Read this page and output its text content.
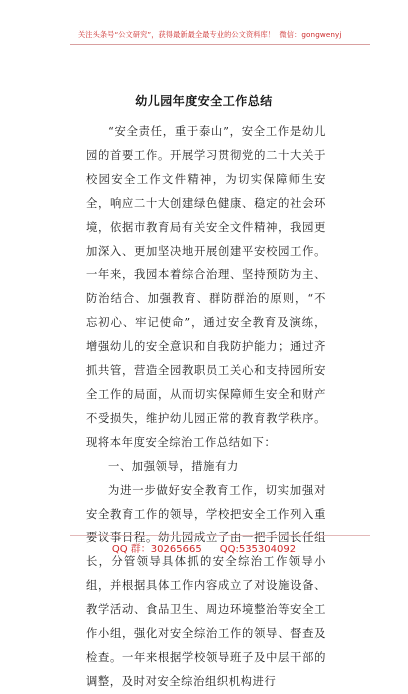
关注头条号“公文研究”，获得最新最全最专业的公文资料库！ 微信：gongwenyj
幼儿园年度安全工作总结

“安全责任，重于泰山”，安全工作是幼儿园的首要工作。开展学习贯彻党的二十大关于校园安全工作文件精神，为切实保障师生安全，响应二十大创建绿色健康、稳定的社会环境，依据市教育局有关安全文件精神，我园更加深入、更加坚决地开展创建平安校园工作。一年来，我园本着综合治理、坚持预防为主、防治结合、加强教育、群防群治的原则，“不忘初心、牢记使命”，通过安全教育及演练，增强幼儿的安全意识和自我防护能力；通过齐抓共管，营造全园教职员工关心和支持园所安全工作的局面，从而切实保障师生安全和财产不受损失，维护幼儿园正常的教育教学秩序。现将本年度安全综治工作总结如下：

一、加强领导，措施有力

为进一步做好安全教育工作，切实加强对安全教育工作的领导，学校把安全工作列入重要议事日程。幼儿园成立了由一把手园长任组长，分管领导具体抓的安全综治工作领导小组，并根据具体工作内容成立了对设施设备、教学活动、食品卫生、周边环境整治等安全工作小组，强化对安全综治工作的领导、督查及检查。一年来根据学校领导班子及中层干部的调整，及时对安全综治组织机构进行

QQ 群：30265665 QQ:535304092
